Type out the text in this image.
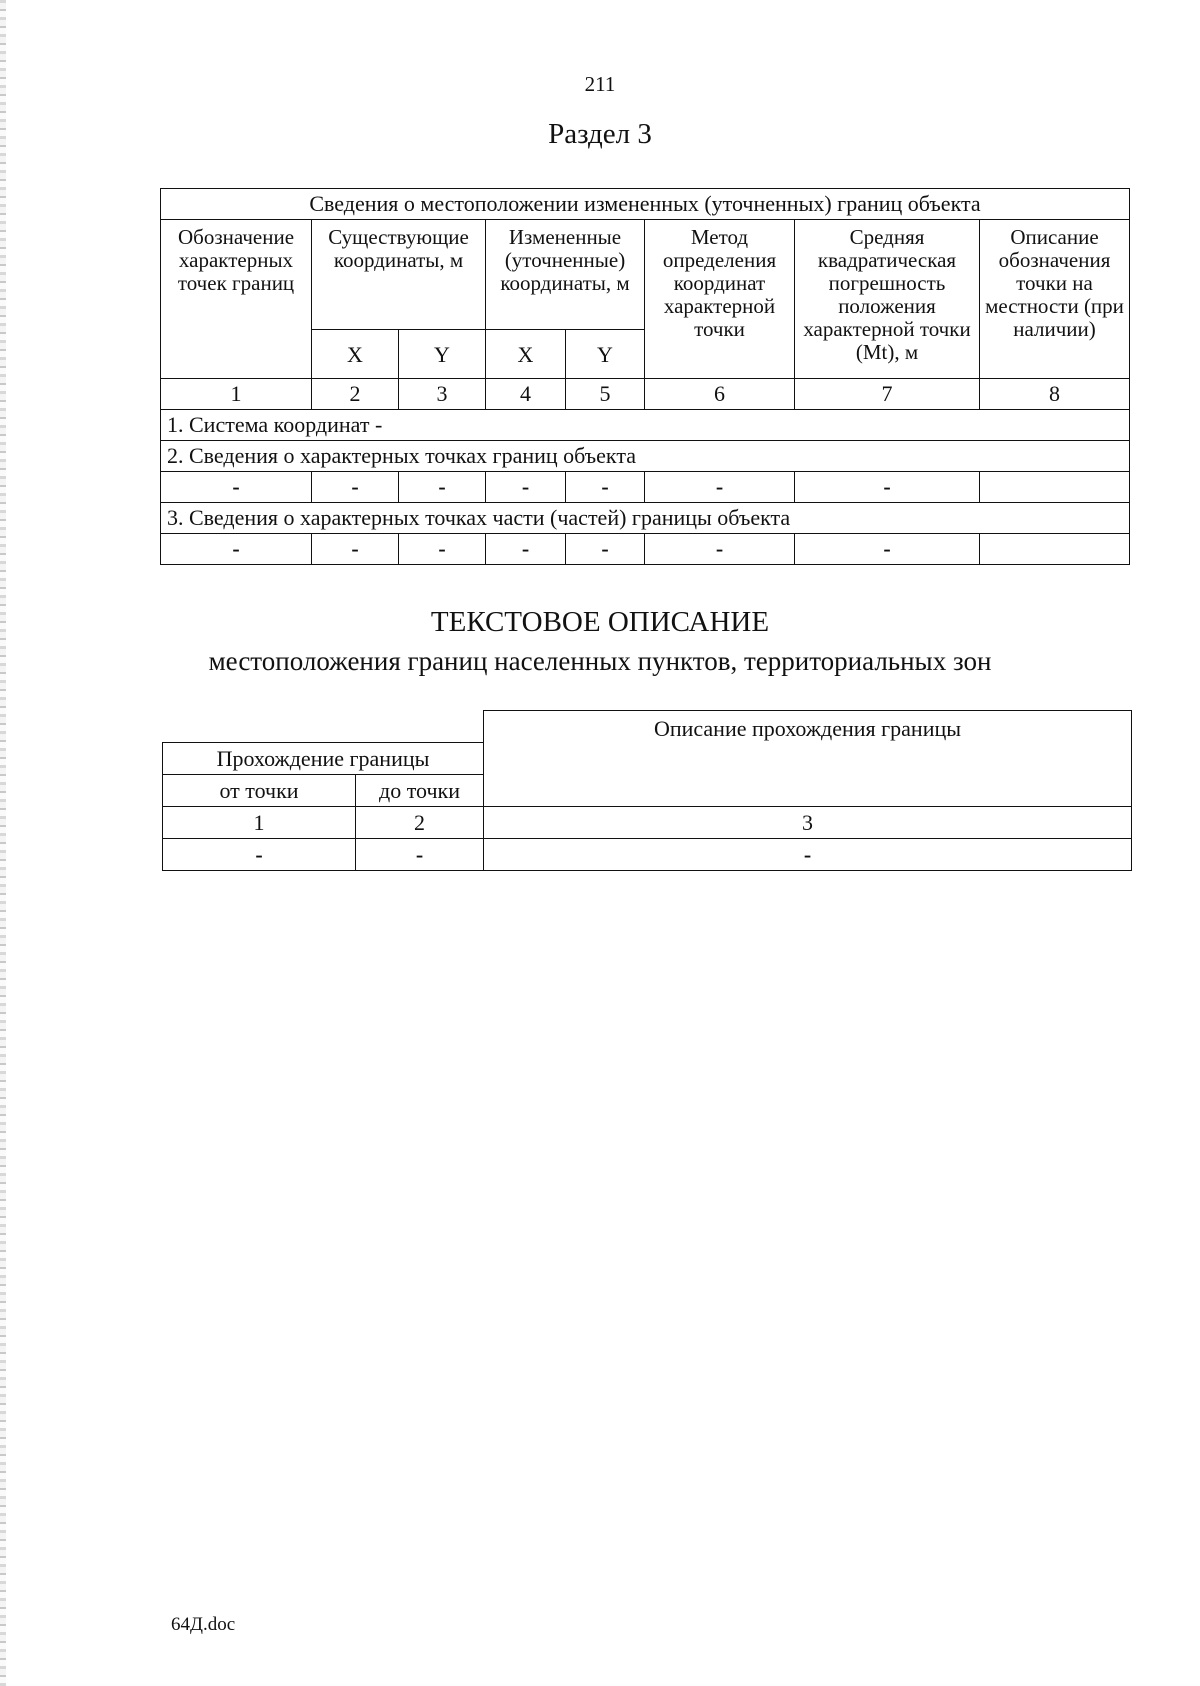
211
Раздел 3
Сведения о местоположении измененных (уточненных) границ объекта							
Обозначение характерных точек границ	Существующие координаты, м		Измененные (уточненные) координаты, м		Метод определения координат характерной точки	Средняя квадратическая погрешность положения характерной точки (Mt), м	Описание обозначения точки на местности (при наличии)
	X	Y	X	Y			
1	2	3	4	5	6	7	8
1. Система координат -							
2. Сведения о характерных точках границ объекта							
-	-	-	-	-	-	-	
3. Сведения о характерных точках части (частей) границы объекта							
-	-	-	-	-	-	-	
ТЕКСТОВОЕ ОПИСАНИЕ
местоположения границ населенных пунктов, территориальных зон
		Описание прохождения границы
Прохождение границы		
от точки	до точки	
1	2	3
-	-	-
64Д.doc
